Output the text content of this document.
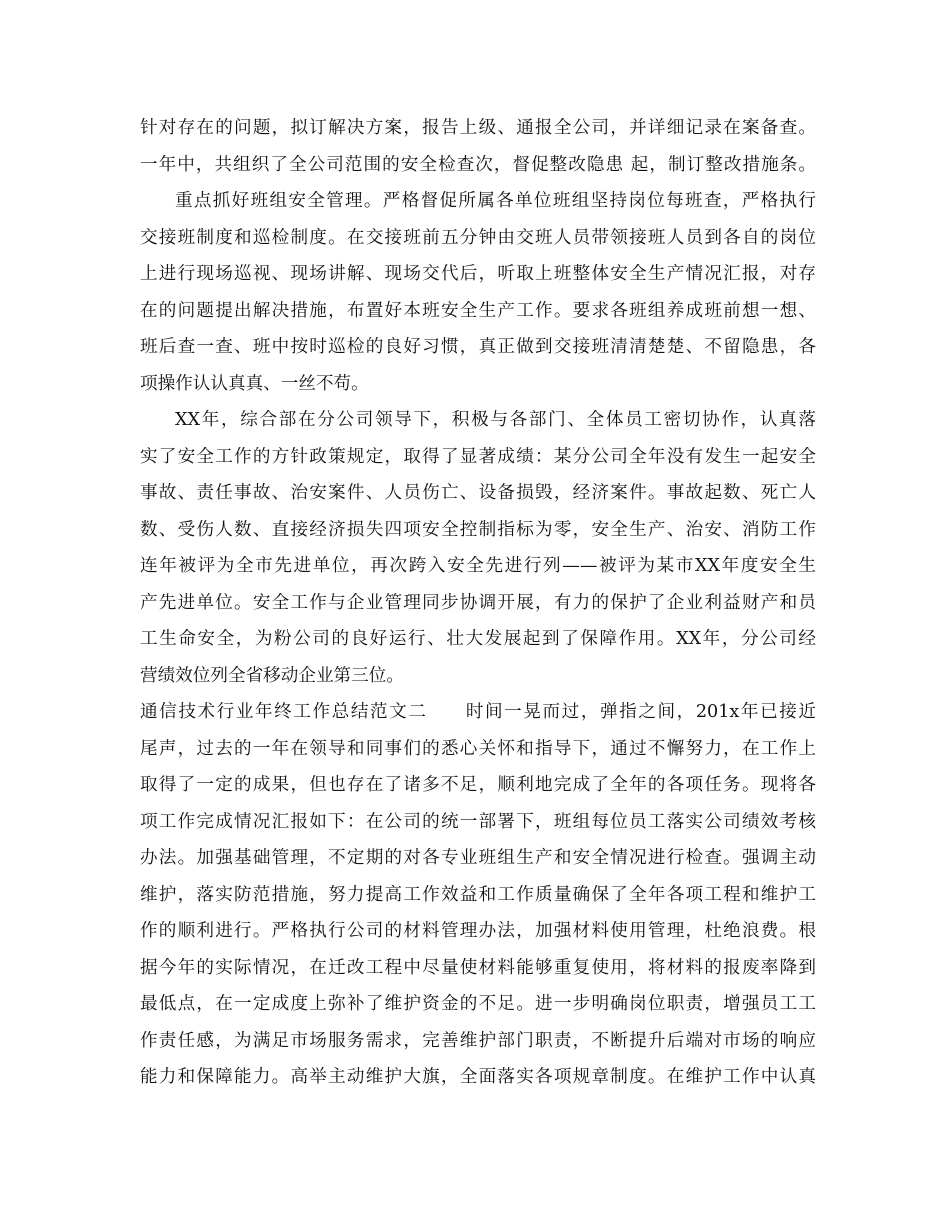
针对存在的问题，拟订解决方案，报告上级、通报全公司，并详细记录在案备查。
一年中，共组织了全公司范围的安全检查次，督促整改隐患 起，制订整改措施条。
重点抓好班组安全管理。严格督促所属各单位班组坚持岗位每班查，严格执行
交接班制度和巡检制度。在交接班前五分钟由交班人员带领接班人员到各自的岗位
上进行现场巡视、现场讲解、现场交代后，听取上班整体安全生产情况汇报，对存
在的问题提出解决措施，布置好本班安全生产工作。要求各班组养成班前想一想、
班后查一查、班中按时巡检的良好习惯，真正做到交接班清清楚楚、不留隐患，各
项操作认认真真、一丝不苟。
XX年，综合部在分公司领导下，积极与各部门、全体员工密切协作，认真落
实了安全工作的方针政策规定，取得了显著成绩：某分公司全年没有发生一起安全
事故、责任事故、治安案件、人员伤亡、设备损毁，经济案件。事故起数、死亡人
数、受伤人数、直接经济损失四项安全控制指标为零，安全生产、治安、消防工作
连年被评为全市先进单位，再次跨入安全先进行列——被评为某市XX年度安全生
产先进单位。安全工作与企业管理同步协调开展，有力的保护了企业利益财产和员
工生命安全，为粉公司的良好运行、壮大发展起到了保障作用。XX年，分公司经
营绩效位列全省移动企业第三位。
通信技术行业年终工作总结范文二　　时间一晃而过，弹指之间，201x年已接近
尾声，过去的一年在领导和同事们的悉心关怀和指导下，通过不懈努力，在工作上
取得了一定的成果，但也存在了诸多不足，顺利地完成了全年的各项任务。现将各
项工作完成情况汇报如下：在公司的统一部署下，班组每位员工落实公司绩效考核
办法。加强基础管理，不定期的对各专业班组生产和安全情况进行检查。强调主动
维护，落实防范措施，努力提高工作效益和工作质量确保了全年各项工程和维护工
作的顺利进行。严格执行公司的材料管理办法，加强材料使用管理，杜绝浪费。根
据今年的实际情况，在迁改工程中尽量使材料能够重复使用，将材料的报废率降到
最低点，在一定成度上弥补了维护资金的不足。进一步明确岗位职责，增强员工工
作责任感，为满足市场服务需求，完善维护部门职责，不断提升后端对市场的响应
能力和保障能力。高举主动维护大旗，全面落实各项规章制度。在维护工作中认真
